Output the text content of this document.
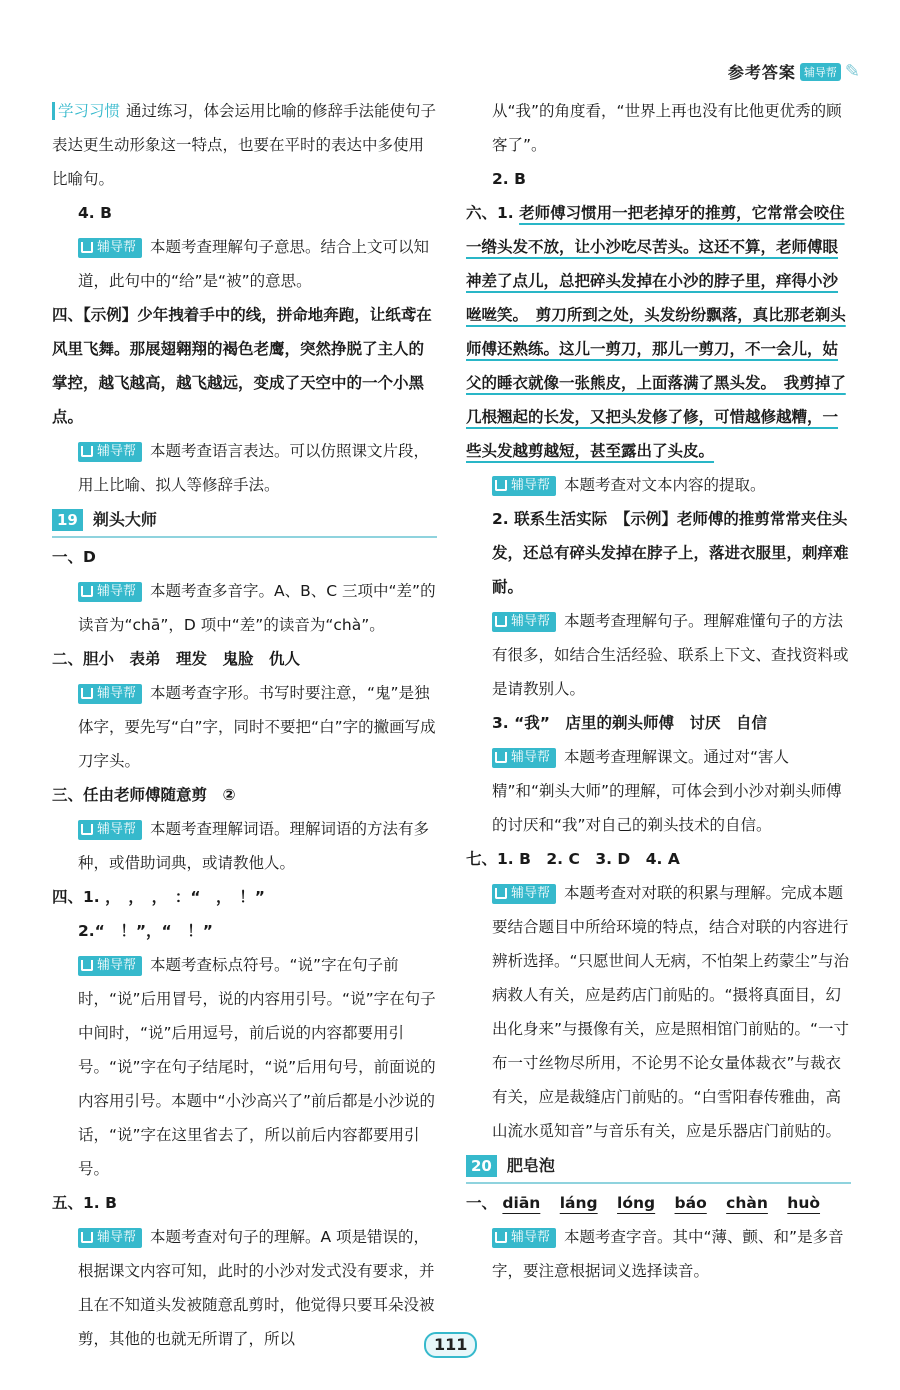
参考答案 辅导帮 ✎

学习习惯 通过练习，体会运用比喻的修辞手法能使句子表达更生动形象这一特点，也要在平时的表达中多使用比喻句。

4. B

辅导帮 本题考查理解句子意思。结合上文可以知道，此句中的“给”是“被”的意思。

四、【示例】少年拽着手中的线，拼命地奔跑，让纸鸢在风里飞舞。那展翅翱翔的褐色老鹰，突然挣脱了主人的掌控，越飞越高，越飞越远，变成了天空中的一个小黑点。

辅导帮 本题考查语言表达。可以仿照课文片段，用上比喻、拟人等修辞手法。

19 剃头大师

一、D

辅导帮 本题考查多音字。A、B、C 三项中“差”的读音为“chā”，D 项中“差”的读音为“chà”。

二、胆小　表弟　理发　鬼脸　仇人

辅导帮 本题考查字形。书写时要注意，“鬼”是独体字，要先写“白”字，同时不要把“白”字的撇画写成刀字头。

三、任由老师傅随意剪　②

辅导帮 本题考查理解词语。理解词语的方法有多种，或借助词典，或请教他人。

四、1. ，　，　，　：“　，　！”

2.“　！”，“　！”

辅导帮 本题考查标点符号。“说”字在句子前时，“说”后用冒号，说的内容用引号。“说”字在句子中间时，“说”后用逗号，前后说的内容都要用引号。“说”字在句子结尾时，“说”后用句号，前面说的内容用引号。本题中“小沙高兴了”前后都是小沙说的话，“说”字在这里省去了，所以前后内容都要用引号。

五、1. B

辅导帮 本题考查对句子的理解。A 项是错误的，根据课文内容可知，此时的小沙对发式没有要求，并且在不知道头发被随意乱剪时，他觉得只要耳朵没被剪，其他的也就无所谓了，所以

从“我”的角度看，“世界上再也没有比他更优秀的顾客了”。

2. B

六、1. 老师傅习惯用一把老掉牙的推剪，它常常会咬住一绺头发不放，让小沙吃尽苦头。这还不算，老师傅眼神差了点儿，总把碎头发掉在小沙的脖子里，痒得小沙咝咝笑。　剪刀所到之处，头发纷纷飘落，真比那老剃头师傅还熟练。这儿一剪刀，那儿一剪刀，不一会儿，姑父的睡衣就像一张熊皮，上面落满了黑头发。　我剪掉了几根翘起的长发，又把头发修了修，可惜越修越糟，一些头发越剪越短，甚至露出了头皮。

辅导帮 本题考查对文本内容的提取。

2. 联系生活实际　【示例】老师傅的推剪常常夹住头发，还总有碎头发掉在脖子上，落进衣服里，刺痒难耐。

辅导帮 本题考查理解句子。理解难懂句子的方法有很多，如结合生活经验、联系上下文、查找资料或是请教别人。

3. “我”　店里的剃头师傅　讨厌　自信

辅导帮 本题考查理解课文。通过对“害人精”和“剃头大师”的理解，可体会到小沙对剃头师傅的讨厌和“我”对自己的剃头技术的自信。

七、1. B　2. C　3. D　4. A

辅导帮 本题考查对对联的积累与理解。完成本题要结合题目中所给环境的特点，结合对联的内容进行辨析选择。“只愿世间人无病，不怕架上药蒙尘”与治病救人有关，应是药店门前贴的。“摄将真面目，幻出化身来”与摄像有关，应是照相馆门前贴的。“一寸布一寸丝物尽所用，不论男不论女量体裁衣”与裁衣有关，应是裁缝店门前贴的。“白雪阳春传雅曲，高山流水觅知音”与音乐有关，应是乐器店门前贴的。

20 肥皂泡

一、 diān láng lóng báo chàn huò

辅导帮 本题考查字音。其中“薄、颤、和”是多音字，要注意根据词义选择读音。

111
